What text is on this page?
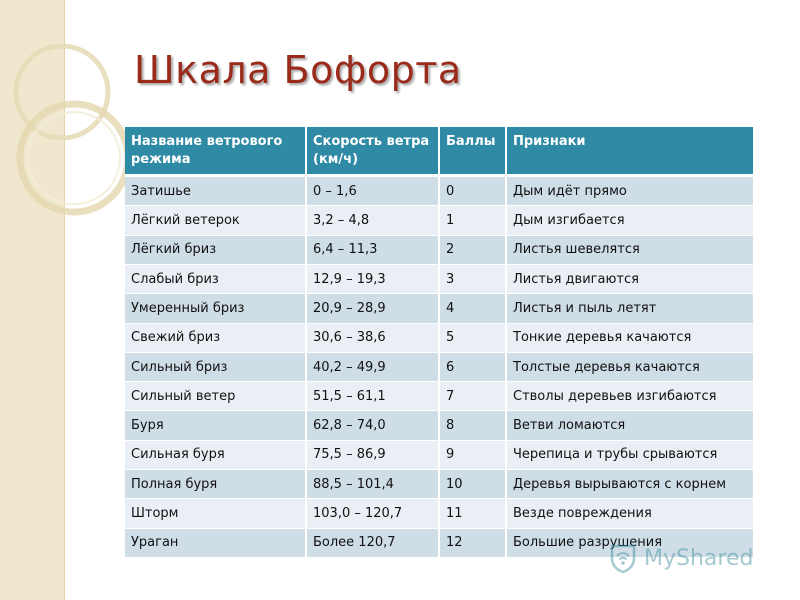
Шкала Бофорта
Название ветрового режима	Скорость ветра (км/ч)	Баллы	Признаки
Затишье	0 – 1,6	0	Дым идёт прямо
Лёгкий ветерок	3,2 – 4,8	1	Дым изгибается
Лёгкий бриз	6,4 – 11,3	2	Листья шевелятся
Слабый бриз	12,9 – 19,3	3	Листья двигаются
Умеренный бриз	20,9 – 28,9	4	Листья и пыль летят
Свежий бриз	30,6 – 38,6	5	Тонкие деревья качаются
Сильный бриз	40,2 – 49,9	6	Толстые деревья качаются
Сильный ветер	51,5 – 61,1	7	Стволы деревьев изгибаются
Буря	62,8 – 74,0	8	Ветви ломаются
Сильная буря	75,5 – 86,9	9	Черепица и трубы срываются
Полная буря	88,5 – 101,4	10	Деревья вырываются с корнем
Шторм	103,0 – 120,7	11	Везде повреждения
Ураган	Более 120,7	12	Большие разрушения
MyShared
